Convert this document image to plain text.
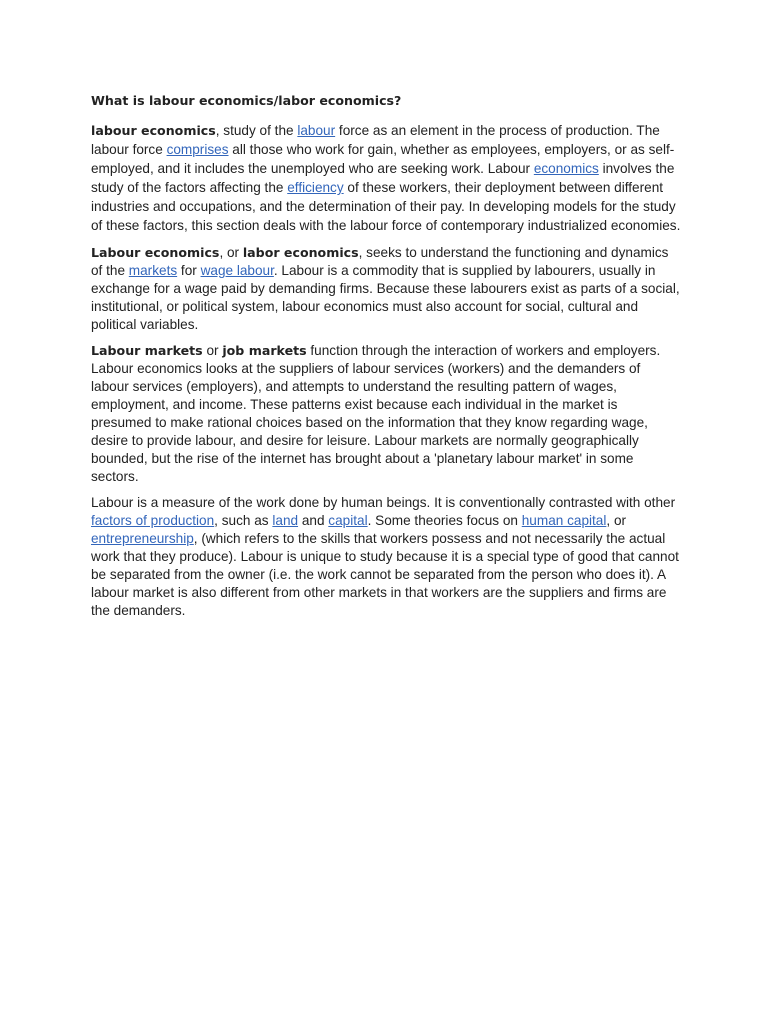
What is labour economics/labor economics?

labour economics, study of the labour force as an element in the process of production. The labour force comprises all those who work for gain, whether as employees, employers, or as self-employed, and it includes the unemployed who are seeking work. Labour economics involves the study of the factors affecting the efficiency of these workers, their deployment between different industries and occupations, and the determination of their pay. In developing models for the study of these factors, this section deals with the labour force of contemporary industrialized economies.

Labour economics, or labor economics, seeks to understand the functioning and dynamics of the markets for wage labour. Labour is a commodity that is supplied by labourers, usually in exchange for a wage paid by demanding firms. Because these labourers exist as parts of a social, institutional, or political system, labour economics must also account for social, cultural and political variables.

Labour markets or job markets function through the interaction of workers and employers. Labour economics looks at the suppliers of labour services (workers) and the demanders of labour services (employers), and attempts to understand the resulting pattern of wages, employment, and income. These patterns exist because each individual in the market is presumed to make rational choices based on the information that they know regarding wage, desire to provide labour, and desire for leisure. Labour markets are normally geographically bounded, but the rise of the internet has brought about a 'planetary labour market' in some sectors.

Labour is a measure of the work done by human beings. It is conventionally contrasted with other factors of production, such as land and capital. Some theories focus on human capital, or entrepreneurship, (which refers to the skills that workers possess and not necessarily the actual work that they produce). Labour is unique to study because it is a special type of good that cannot be separated from the owner (i.e. the work cannot be separated from the person who does it). A labour market is also different from other markets in that workers are the suppliers and firms are the demanders.
